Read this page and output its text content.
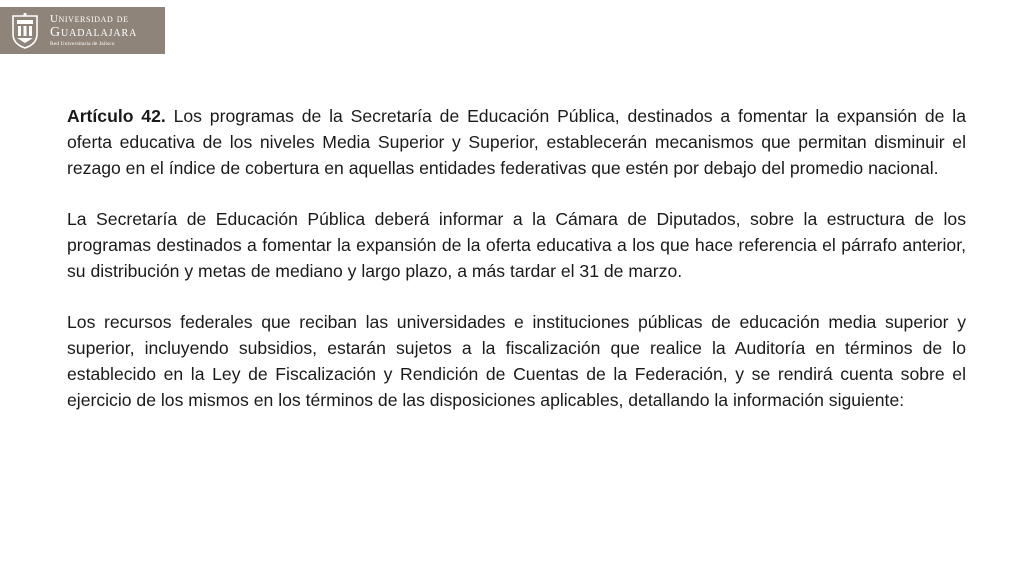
Universidad de
Guadalajara
Red Universitaria de Jalisco

Artículo 42. Los programas de la Secretaría de Educación Pública, destinados a fomentar la expansión de la oferta educativa de los niveles Media Superior y Superior, establecerán mecanismos que permitan disminuir el rezago en el índice de cobertura en aquellas entidades federativas que estén por debajo del promedio nacional.

La Secretaría de Educación Pública deberá informar a la Cámara de Diputados, sobre la estructura de los programas destinados a fomentar la expansión de la oferta educativa a los que hace referencia el párrafo anterior, su distribución y metas de mediano y largo plazo, a más tardar el 31 de marzo.

Los recursos federales que reciban las universidades e instituciones públicas de educación media superior y superior, incluyendo subsidios, estarán sujetos a la fiscalización que realice la Auditoría en términos de lo establecido en la Ley de Fiscalización y Rendición de Cuentas de la Federación, y se rendirá cuenta sobre el ejercicio de los mismos en los términos de las disposiciones aplicables, detallando la información siguiente:
